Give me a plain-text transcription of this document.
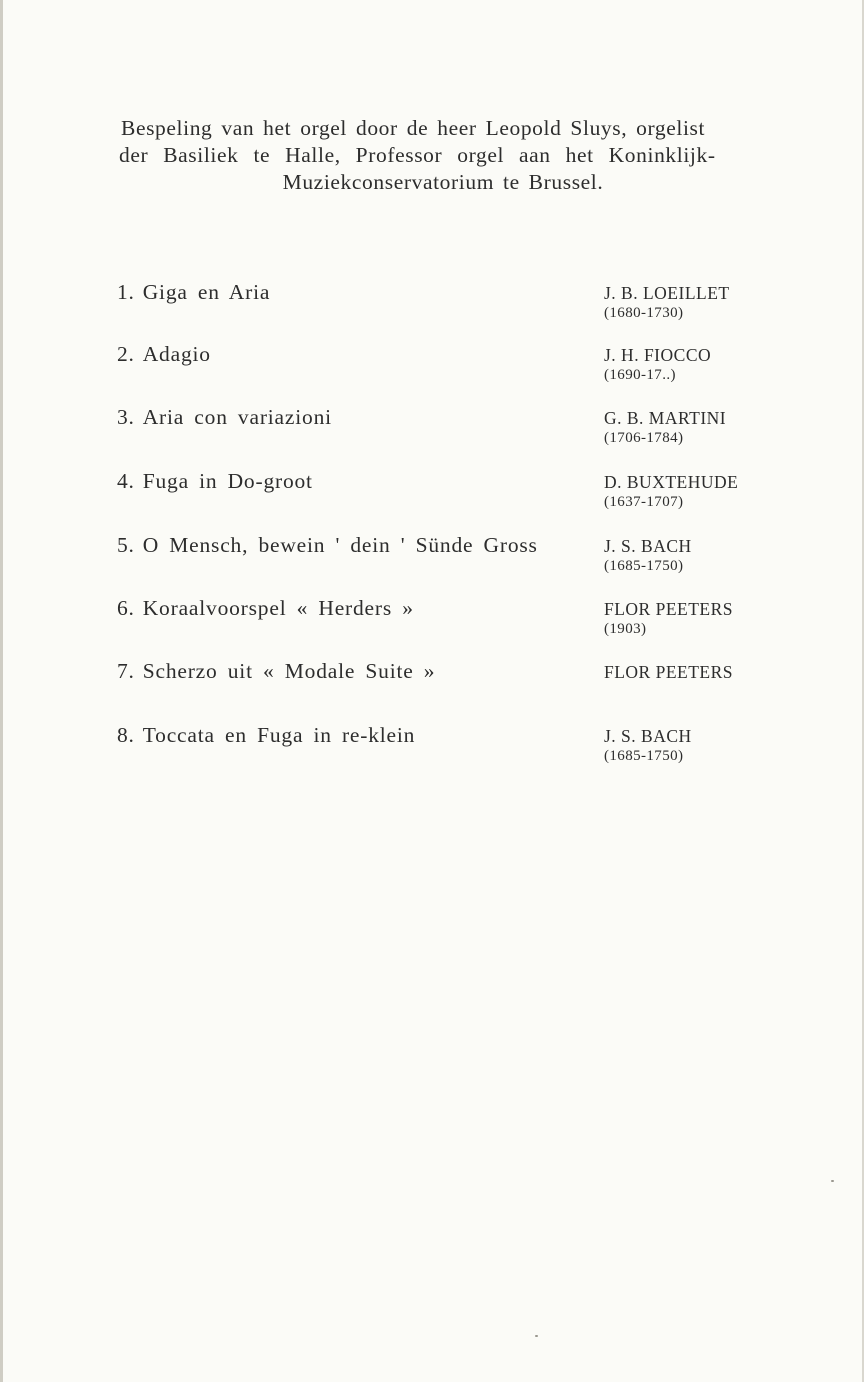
Bespeling van het orgel door de heer Leopold Sluys, orgelist
der Basiliek te Halle, Professor orgel aan het Koninklijk-
Muziekconservatorium te Brussel.
1. Giga en Aria	J. B. LOEILLET
(1680-1730)
2. Adagio	J. H. FIOCCO
(1690-17..)
3. Aria con variazioni	G. B. MARTINI
(1706-1784)
4. Fuga in Do-groot	D. BUXTEHUDE
(1637-1707)
5. O Mensch, bewein ' dein ' Sünde Gross	J. S. BACH
(1685-1750)
6. Koraalvoorspel « Herders »	FLOR PEETERS
(1903)
7. Scherzo uit « Modale Suite »	FLOR PEETERS
8. Toccata en Fuga in re-klein	J. S. BACH
(1685-1750)
